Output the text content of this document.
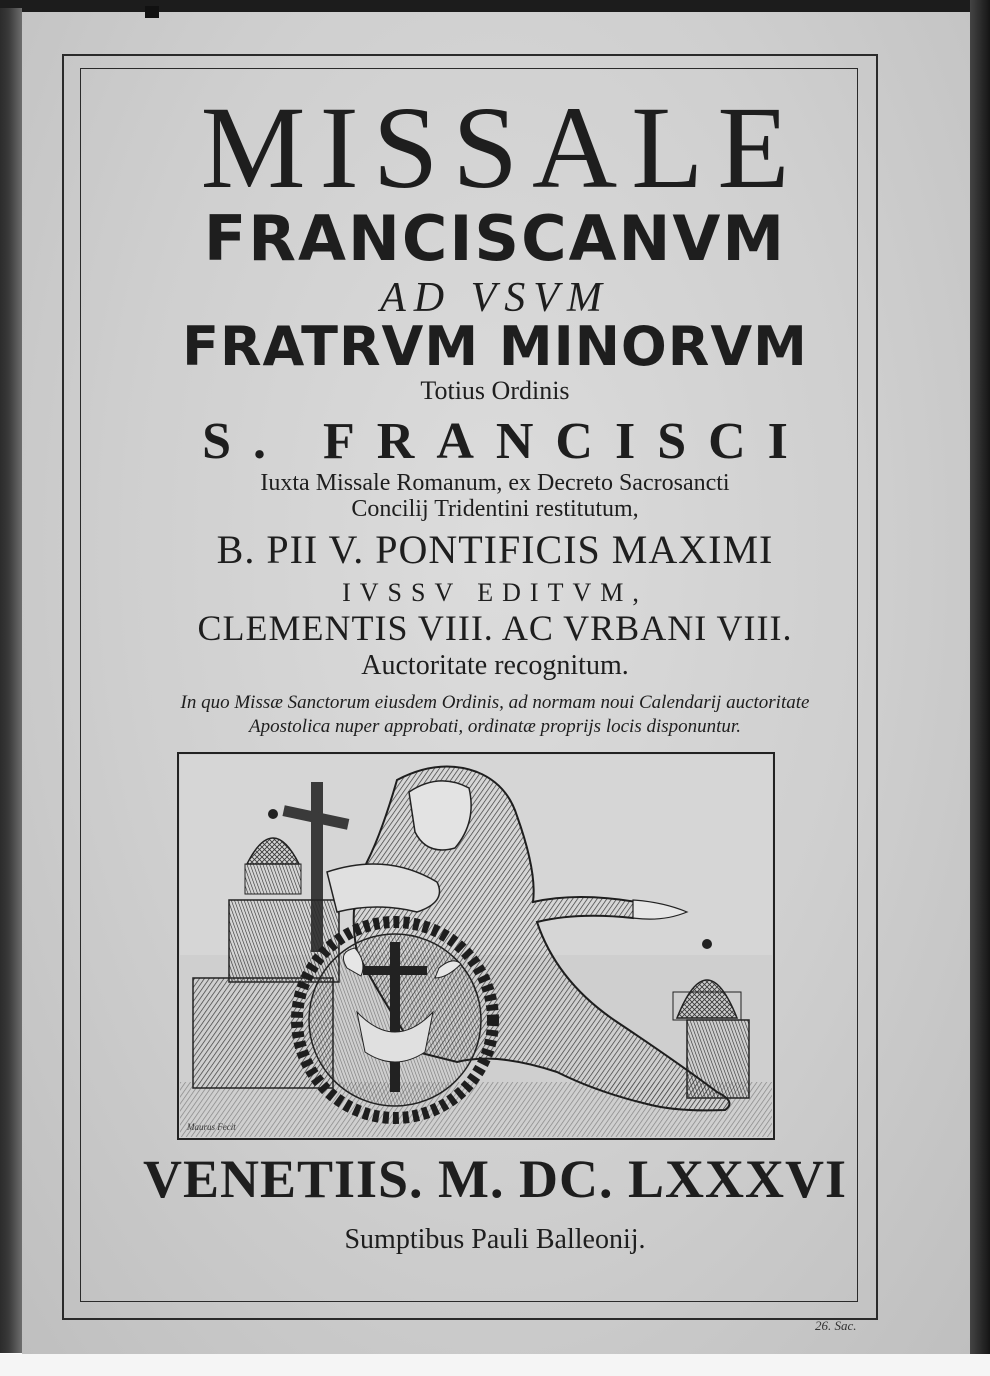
MISSALE
FRANCISCANVM
AD VSVM
FRATRVM MINORVM
Totius Ordinis
S. FRANCISCI
Iuxta Missale Romanum, ex Decreto Sacrosancti
Concilij Tridentini restitutum,
B. PII V. PONTIFICIS MAXIMI
IVSSV EDITVM,
CLEMENTIS VIII. AC VRBANI VIII.
Auctoritate recognitum.
In quo Missæ Sanctorum eiusdem Ordinis, ad normam noui Calendarij auctoritate
Apostolica nuper approbati, ordinatæ proprijs locis disponuntur.
Maurus Fecit
VENETIIS. M. DC. LXXXVI
Sumptibus Pauli Balleonij.
26. Sac.
